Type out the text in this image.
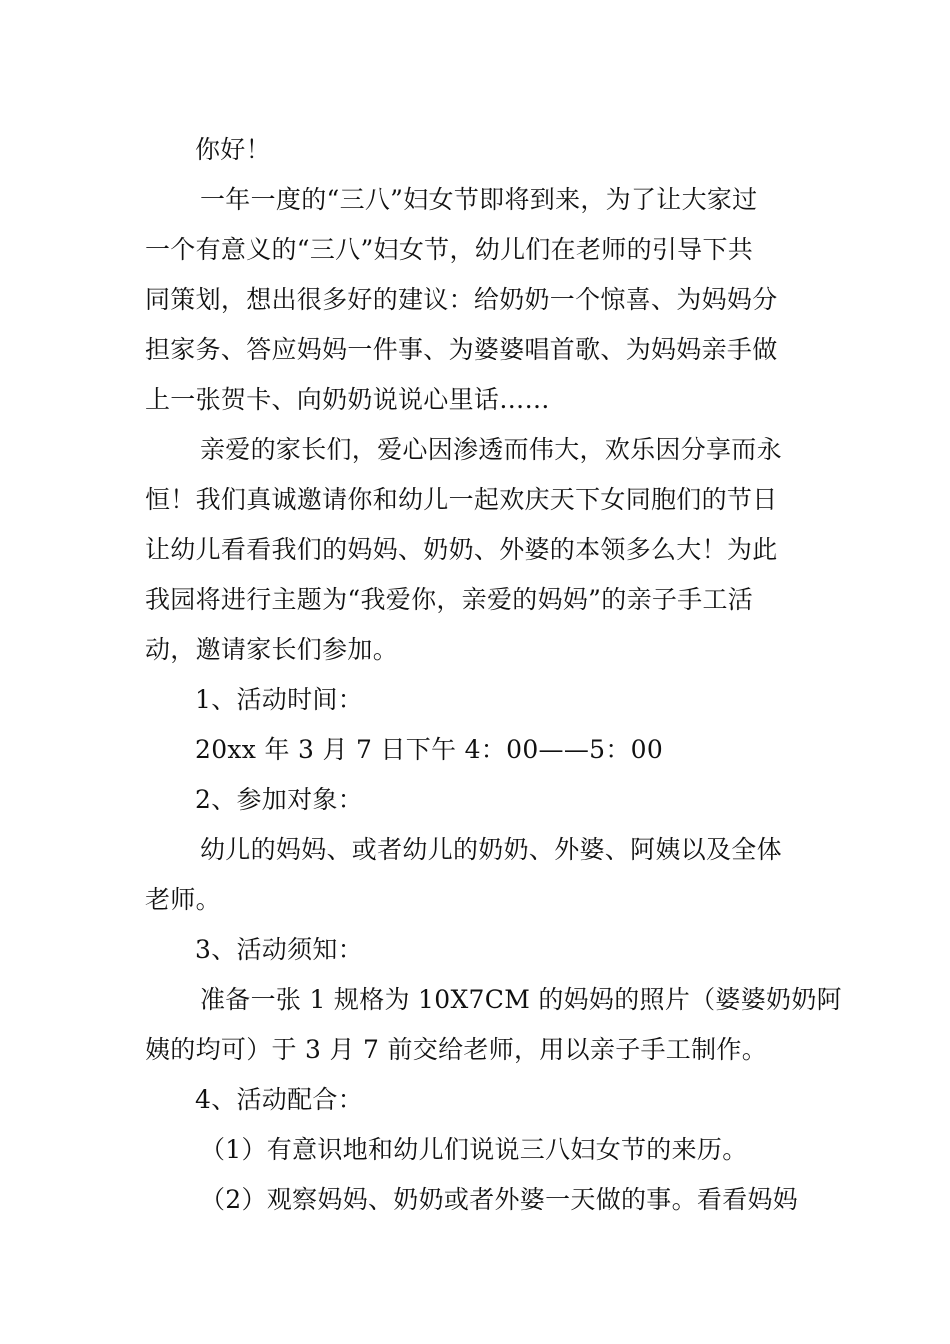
你好！
一年一度的“三八”妇女节即将到来，为了让大家过
一个有意义的“三八”妇女节，幼儿们在老师的引导下共
同策划，想出很多好的建议：给奶奶一个惊喜、为妈妈分
担家务、答应妈妈一件事、为婆婆唱首歌、为妈妈亲手做
上一张贺卡、向奶奶说说心里话……
亲爱的家长们，爱心因渗透而伟大，欢乐因分享而永
恒！我们真诚邀请你和幼儿一起欢庆天下女同胞们的节日
让幼儿看看我们的妈妈、奶奶、外婆的本领多么大！为此
我园将进行主题为“我爱你，亲爱的妈妈”的亲子手工活
动，邀请家长们参加。
1、活动时间：
20xx 年 3 月 7 日下午 4：00——5：00
2、参加对象：
幼儿的妈妈、或者幼儿的奶奶、外婆、阿姨以及全体
老师。
3、活动须知：
准备一张 1 规格为 10X7CM 的妈妈的照片（婆婆奶奶阿
姨的均可）于 3 月 7 前交给老师，用以亲子手工制作。
4、活动配合：
（1）有意识地和幼儿们说说三八妇女节的来历。
（2）观察妈妈、奶奶或者外婆一天做的事。看看妈妈
